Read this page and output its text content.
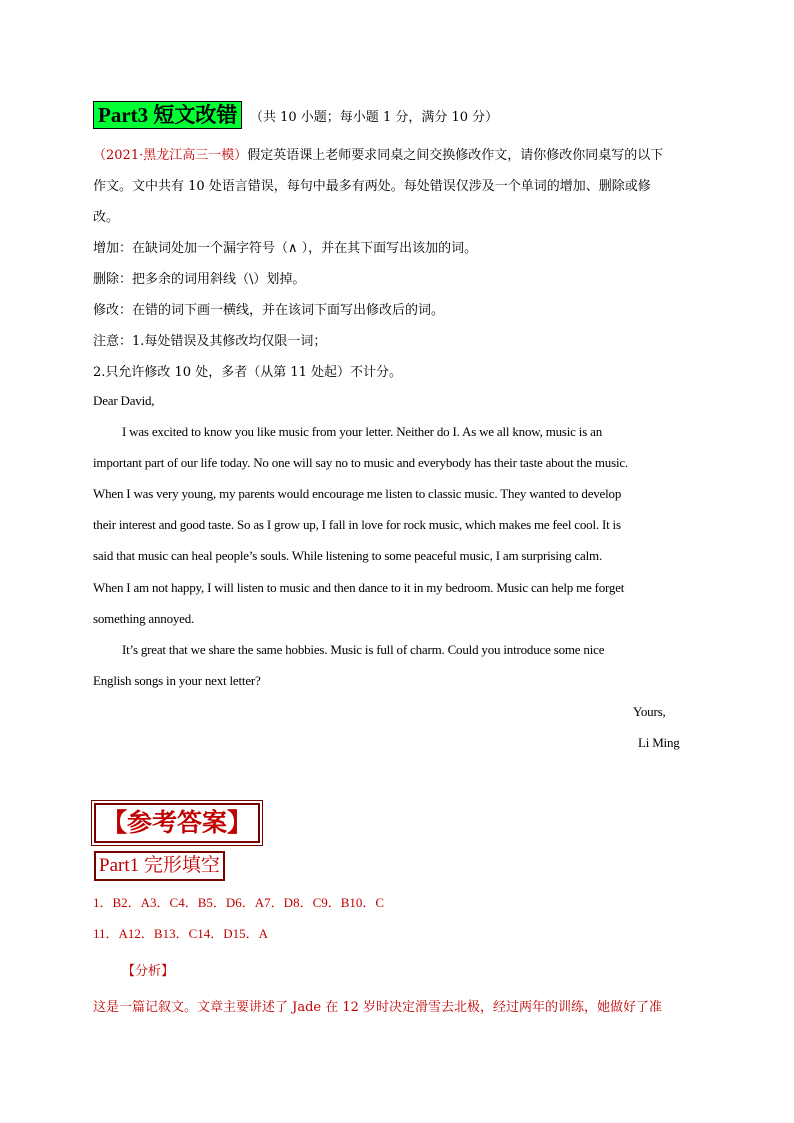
Part3 短文改错 （共 10 小题；每小题 1 分，满分 10 分）
（2021·黑龙江高三一模）假定英语课上老师要求同桌之间交换修改作文，请你修改你同桌写的以下
作文。文中共有 10 处语言错误，每句中最多有两处。每处错误仅涉及一个单词的增加、删除或修
改。
增加：在缺词处加一个漏字符号（∧ ），并在其下面写出该加的词。
删除：把多余的词用斜线（\）划掉。
修改：在错的词下画一横线，并在该词下面写出修改后的词。
注意：1.每处错误及其修改均仅限一词；
2.只允许修改 10 处，多者（从第 11 处起）不计分。
Dear David,
I was excited to know you like music from your letter. Neither do I. As we all know, music is an
important part of our life today. No one will say no to music and everybody has their taste about the music.
When I was very young, my parents would encourage me listen to classic music. They wanted to develop
their interest and good taste. So as I grow up, I fall in love for rock music, which makes me feel cool. It is
said that music can heal people’s souls. While listening to some peaceful music, I am surprising calm.
When I am not happy, I will listen to music and then dance to it in my bedroom. Music can help me forget
something annoyed.
It’s great that we share the same hobbies. Music is full of charm. Could you introduce some nice
English songs in your next letter?
Yours,
Li Ming
【参考答案】
Part1 完形填空
1．B2．A3．C4．B5．D6．A7．D8．C9．B10．C
11．A12．B13．C14．D15．A
【分析】
这是一篇记叙文。文章主要讲述了 Jade 在 12 岁时决定滑雪去北极，经过两年的训练，她做好了准
